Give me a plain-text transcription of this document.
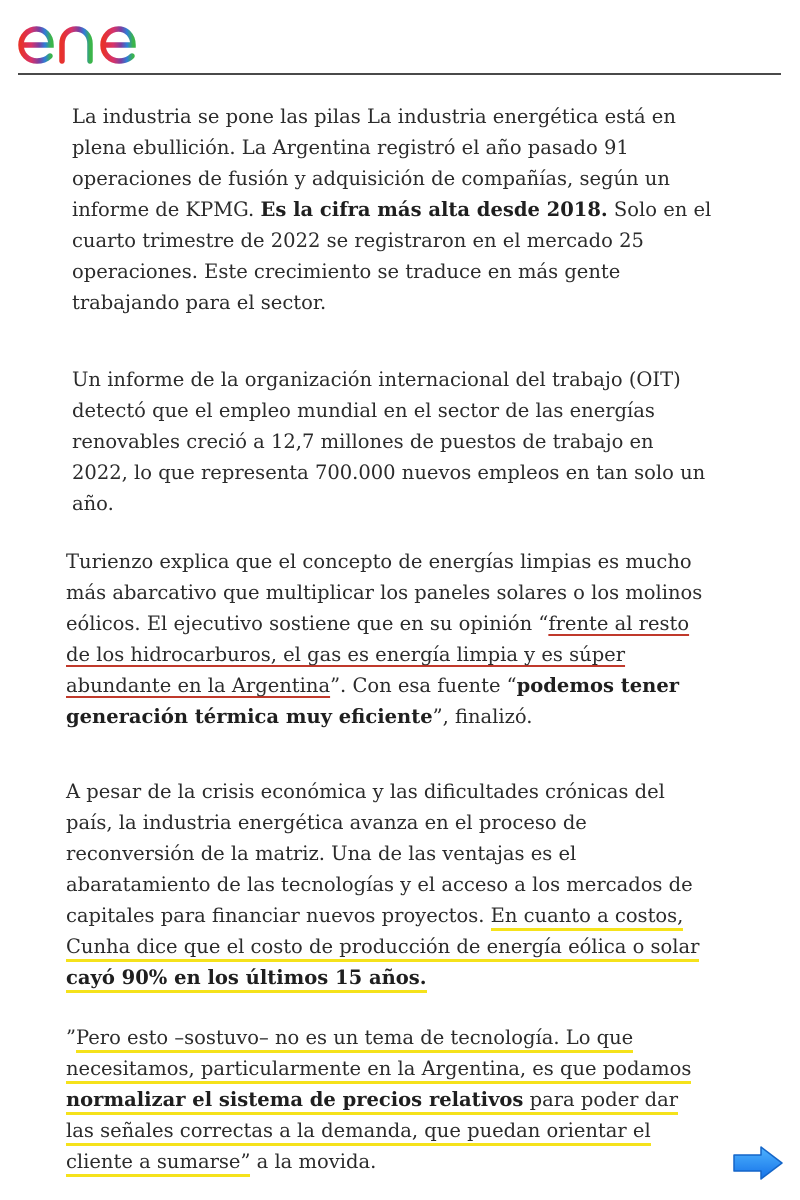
La industria se pone las pilas La industria energética está en plena ebullición. La Argentina registró el año pasado 91 operaciones de fusión y adquisición de compañías, según un informe de KPMG. Es la cifra más alta desde 2018. Solo en el cuarto trimestre de 2022 se registraron en el mercado 25 operaciones. Este crecimiento se traduce en más gente trabajando para el sector.

Un informe de la organización internacional del trabajo (OIT) detectó que el empleo mundial en el sector de las energías renovables creció a 12,7 millones de puestos de trabajo en 2022, lo que representa 700.000 nuevos empleos en tan solo un año.

Turienzo explica que el concepto de energías limpias es mucho más abarcativo que multiplicar los paneles solares o los molinos eólicos. El ejecutivo sostiene que en su opinión “frente al resto de los hidrocarburos, el gas es energía limpia y es súper abundante en la Argentina”. Con esa fuente “podemos tener generación térmica muy eficiente”, finalizó.

A pesar de la crisis económica y las dificultades crónicas del país, la industria energética avanza en el proceso de reconversión de la matriz. Una de las ventajas es el abaratamiento de las tecnologías y el acceso a los mercados de capitales para financiar nuevos proyectos. En cuanto a costos, Cunha dice que el costo de producción de energía eólica o solar cayó 90% en los últimos 15 años.

”Pero esto –sostuvo– no es un tema de tecnología. Lo que necesitamos, particularmente en la Argentina, es que podamos normalizar el sistema de precios relativos para poder dar las señales correctas a la demanda, que puedan orientar el cliente a sumarse” a la movida.
